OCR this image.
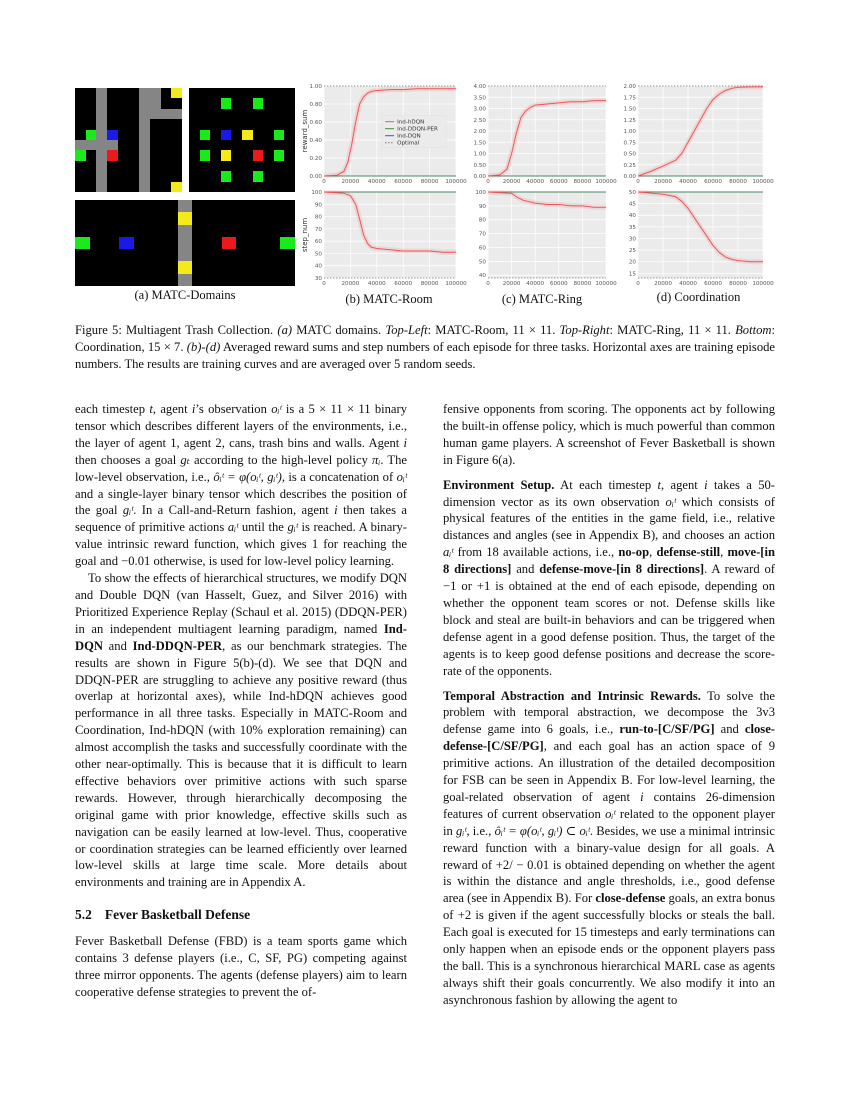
(a) MATC-Domains
0.00
0.20
0.40
0.60
0.80
1.00
0	20000 40000 60000 80000 100000
reward_sum	Ind-hDQN
Ind-DDQN-PER
Ind-DQN
Optimal
0.00
0.50
1.00
1.50
2.00
2.50
3.00
3.50
4.00
0 20000 40000 60000 80000 100000
0.00
0.25
0.50
0.75
1.00
1.25
1.50
1.75
2.00
0	20000 40000 60000 80000 100000
30
40
50
60
70
80
90
100
0	20000 40000 60000 80000 100000
step_num
40
50
60
70
80
90
100
0 20000 40000 60000 80000 100000
15
20
25
30
35
40
45
50
0	20000 40000 60000 80000 100000
(b) MATC-Room	(c) MATC-Ring	(d) Coordination
Figure 5: Multiagent Trash Collection. (a) MATC domains. Top-Left: MATC-Room, 11 × 11. Top-Right: MATC-Ring, 11 × 11. Bottom: Coordination, 15 × 7. (b)-(d) Averaged reward sums and step numbers of each episode for three tasks. Horizontal axes are training episode numbers. The results are training curves and are averaged over 5 random seeds.

each timestep t, agent i’s observation oᵢᵗ is a 5 × 11 × 11 binary tensor which describes different layers of the environments, i.e., the layer of agent 1, agent 2, cans, trash bins and walls. Agent i then chooses a goal gₜ according to the high-level policy πᵢ. The low-level observation, i.e., ôᵢᵗ = φ(oᵢᵗ, gᵢᵗ), is a concatenation of oᵢᵗ and a single-layer binary tensor which describes the position of the goal gᵢᵗ. In a Call-and-Return fashion, agent i then takes a sequence of primitive actions aᵢᵗ until the gᵢᵗ is reached. A binary-value intrinsic reward function, which gives 1 for reaching the goal and −0.01 otherwise, is used for low-level policy learning.

To show the effects of hierarchical structures, we modify DQN and Double DQN (van Hasselt, Guez, and Silver 2016) with Prioritized Experience Replay (Schaul et al. 2015) (DDQN-PER) in an independent multiagent learning paradigm, named Ind-DQN and Ind-DDQN-PER, as our benchmark strategies. The results are shown in Figure 5(b)-(d). We see that DQN and DDQN-PER are struggling to achieve any positive reward (thus overlap at horizontal axes), while Ind-hDQN achieves good performance in all three tasks. Especially in MATC-Room and Coordination, Ind-hDQN (with 10% exploration remaining) can almost accomplish the tasks and successfully coordinate with the other near-optimally. This is because that it is difficult to learn effective behaviors over primitive actions with such sparse rewards. However, through hierarchically decomposing the original game with prior knowledge, effective skills such as navigation can be easily learned at low-level. Thus, cooperative or coordination strategies can be learned efficiently over learned low-level skills at large time scale. More details about environments and training are in Appendix A.

5.2 Fever Basketball Defense

Fever Basketball Defense (FBD) is a team sports game which contains 3 defense players (i.e., C, SF, PG) competing against three mirror opponents. The agents (defense players) aim to learn cooperative defense strategies to prevent the of-

fensive opponents from scoring. The opponents act by following the built-in offense policy, which is much powerful than common human game players. A screenshot of Fever Basketball is shown in Figure 6(a).

Environment Setup. At each timestep t, agent i takes a 50-dimension vector as its own observation oᵢᵗ which consists of physical features of the entities in the game field, i.e., relative distances and angles (see in Appendix B), and chooses an action aᵢᵗ from 18 available actions, i.e., no-op, defense-still, move-[in 8 directions] and defense-move-[in 8 directions]. A reward of −1 or +1 is obtained at the end of each episode, depending on whether the opponent team scores or not. Defense skills like block and steal are built-in behaviors and can be triggered when defense agent in a good defense position. Thus, the target of the agents is to keep good defense positions and decrease the score-rate of the opponents.

Temporal Abstraction and Intrinsic Rewards. To solve the problem with temporal abstraction, we decompose the 3v3 defense game into 6 goals, i.e., run-to-[C/SF/PG] and close-defense-[C/SF/PG], and each goal has an action space of 9 primitive actions. An illustration of the detailed decomposition for FSB can be seen in Appendix B. For low-level learning, the goal-related observation of agent i contains 26-dimension features of current observation oᵢᵗ related to the opponent player in gᵢᵗ, i.e., ôᵢᵗ = φ(oᵢᵗ, gᵢᵗ) ⊂ oᵢᵗ. Besides, we use a minimal intrinsic reward function with a binary-value design for all goals. A reward of +2/ − 0.01 is obtained depending on whether the agent is within the distance and angle thresholds, i.e., good defense area (see in Appendix B). For close-defense goals, an extra bonus of +2 is given if the agent successfully blocks or steals the ball. Each goal is executed for 15 timesteps and early terminations can only happen when an episode ends or the opponent players pass the ball. This is a synchronous hierarchical MARL case as agents always shift their goals concurrently. We also modify it into an asynchronous fashion by allowing the agent to
